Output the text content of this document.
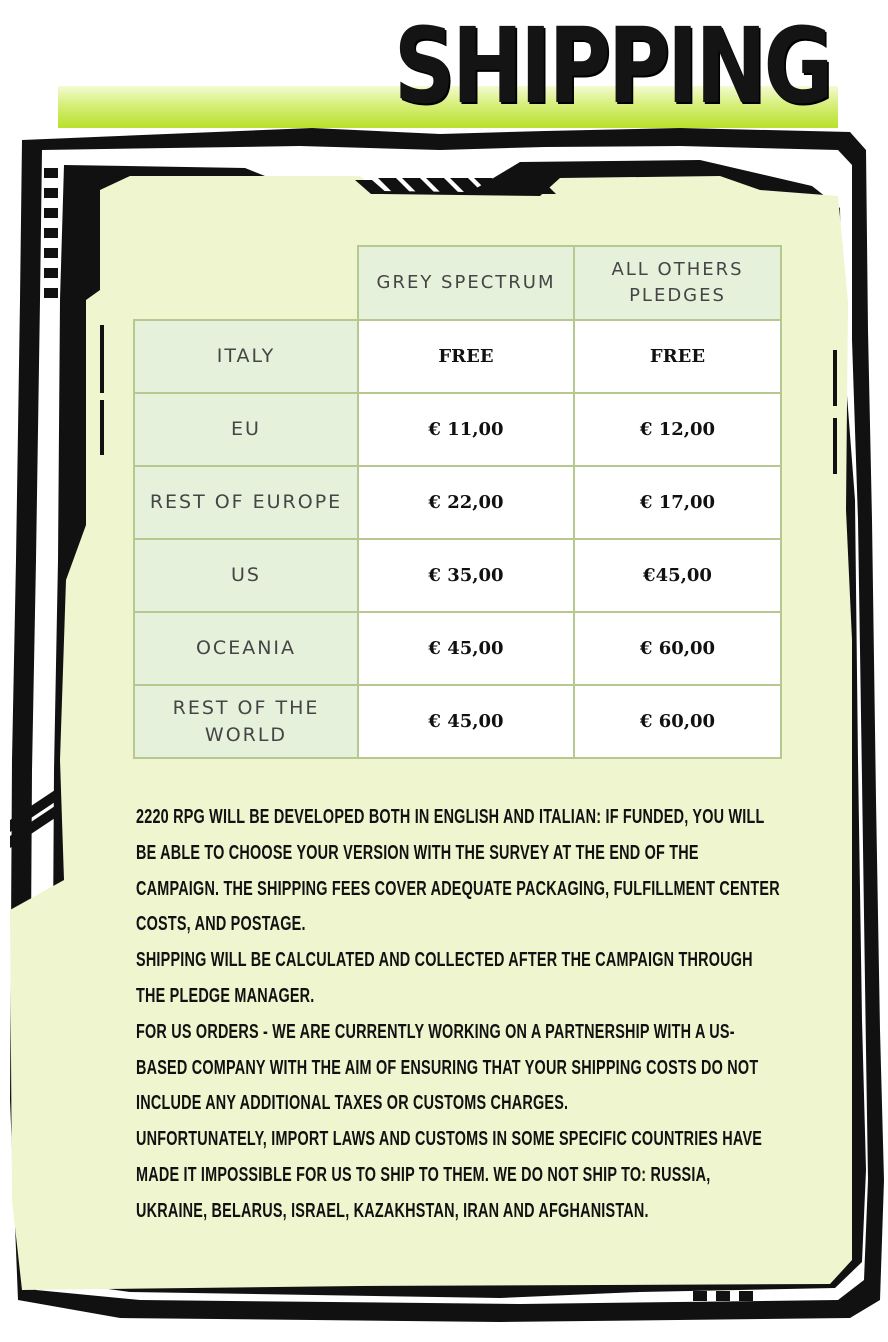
SHIPPING
	GREY SPECTRUM	ALL OTHERS PLEDGES
ITALY	FREE	FREE
EU	€ 11,00	€ 12,00
REST OF EUROPE	€ 22,00	€ 17,00
US	€ 35,00	€45,00
OCEANIA	€ 45,00	€ 60,00
REST OF THE WORLD	€ 45,00	€ 60,00

2220 RPG WILL BE DEVELOPED BOTH IN ENGLISH AND ITALIAN: IF FUNDED, YOU WILL BE ABLE TO CHOOSE YOUR VERSION WITH THE SURVEY AT THE END OF THE CAMPAIGN. THE SHIPPING FEES COVER ADEQUATE PACKAGING, FULFILLMENT CENTER COSTS, AND POSTAGE.

SHIPPING WILL BE CALCULATED AND COLLECTED AFTER THE CAMPAIGN THROUGH THE PLEDGE MANAGER.

FOR US ORDERS - WE ARE CURRENTLY WORKING ON A PARTNERSHIP WITH A US-BASED COMPANY WITH THE AIM OF ENSURING THAT YOUR SHIPPING COSTS DO NOT INCLUDE ANY ADDITIONAL TAXES OR CUSTOMS CHARGES.

UNFORTUNATELY, IMPORT LAWS AND CUSTOMS IN SOME SPECIFIC COUNTRIES HAVE MADE IT IMPOSSIBLE FOR US TO SHIP TO THEM. WE DO NOT SHIP TO: RUSSIA, UKRAINE, BELARUS, ISRAEL, KAZAKHSTAN, IRAN AND AFGHANISTAN.
